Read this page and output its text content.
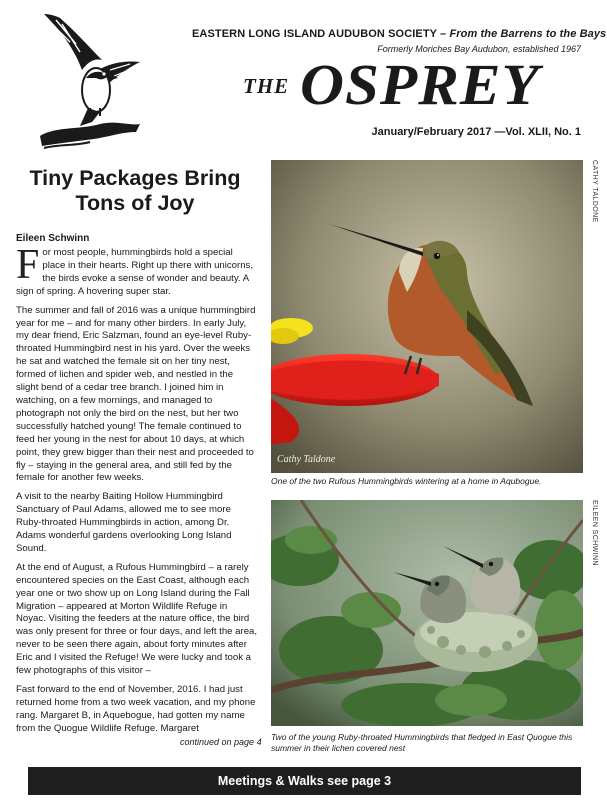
EASTERN LONG ISLAND AUDUBON SOCIETY – From the Barrens to the Bays
Formerly Moriches Bay Audubon, established 1967
THE OSPREY
January/February 2017 —Vol. XLII, No. 1
Tiny Packages Bring
Tons of Joy
Eileen Schwinn

For most people, hummingbirds hold a special place in their hearts. Right up there with unicorns, the birds evoke a sense of wonder and beauty. A sign of spring. A hovering super star.

The summer and fall of 2016 was a unique hummingbird year for me – and for many other birders. In early July, my dear friend, Eric Salzman, found an eye-level Ruby-throated Hummingbird nest in his yard. Over the weeks he sat and watched the female sit on her tiny nest, formed of lichen and spider web, and nestled in the slight bend of a cedar tree branch. I joined him in watching, on a few mornings, and managed to photograph not only the bird on the nest, but her two successfully hatched young! The female continued to feed her young in the nest for about 10 days, at which point, they grew bigger than their nest and proceeded to fly – staying in the general area, and still fed by the female for another few weeks.

A visit to the nearby Baiting Hollow Hummingbird Sanctuary of Paul Adams, allowed me to see more Ruby-throated Hummingbirds in action, among Dr. Adams wonderful gardens overlooking Long Island Sound.

At the end of August, a Rufous Hummingbird – a rarely encountered species on the East Coast, although each year one or two show up on Long Island during the Fall Migration – appeared at Morton Wildlife Refuge in Noyac. Visiting the feeders at the nature office, the bird was only present for three or four days, and left the area, never to be seen there again, about forty minutes after Eric and I visited the Refuge! We were lucky and took a few photographs of this visitor –

Fast forward to the end of November, 2016. I had just returned home from a two week vacation, and my phone rang. Margaret B, in Aquebogue, had gotten my name from the Quogue Wildlife Refuge. Margaret

continued on page 4
Cathy Taldone
CATHY TALDONE
One of the two Rufous Hummingbirds wintering at a home in Aqubogue.
EILEEN SCHWINN
Two of the young Ruby-throated Hummingbirds that fledged in East Quogue this summer in their lichen covered nest
Meetings & Walks see page 3
